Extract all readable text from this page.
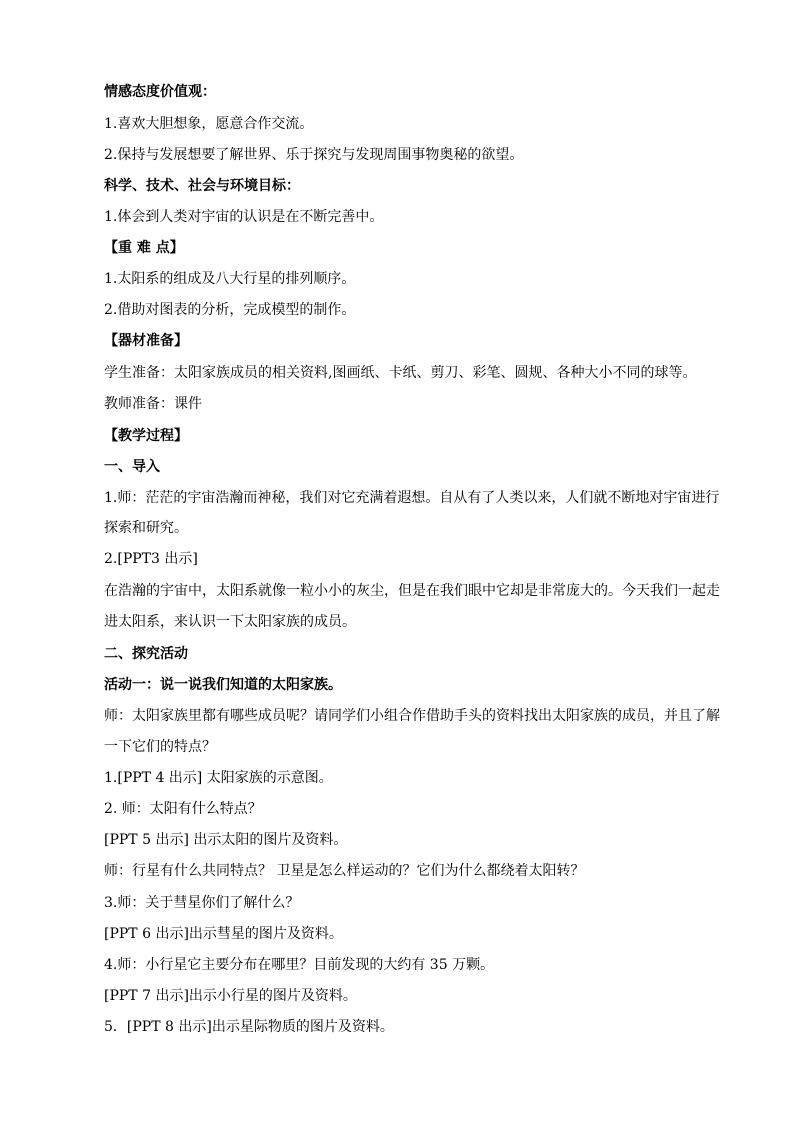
情感态度价值观：
1.喜欢大胆想象，愿意合作交流。
2.保持与发展想要了解世界、乐于探究与发现周围事物奥秘的欲望。
科学、技术、社会与环境目标：
1.体会到人类对宇宙的认识是在不断完善中。
【重 难 点】
1.太阳系的组成及八大行星的排列顺序。
2.借助对图表的分析，完成模型的制作。
【器材准备】
学生准备：太阳家族成员的相关资料,图画纸、卡纸、剪刀、彩笔、圆规、各种大小不同的球等。
教师准备：课件
【教学过程】
一、导入
1.师：茫茫的宇宙浩瀚而神秘，我们对它充满着遐想。自从有了人类以来，人们就不断地对宇宙进行
探索和研究。
2.[PPT3 出示]
在浩瀚的宇宙中，太阳系就像一粒小小的灰尘，但是在我们眼中它却是非常庞大的。今天我们一起走
进太阳系，来认识一下太阳家族的成员。
二、探究活动
活动一：说一说我们知道的太阳家族。
师：太阳家族里都有哪些成员呢？请同学们小组合作借助手头的资料找出太阳家族的成员，并且了解
一下它们的特点？
1.[PPT 4 出示] 太阳家族的示意图。
2. 师：太阳有什么特点？
[PPT 5 出示] 出示太阳的图片及资料。
师：行星有什么共同特点？ 卫星是怎么样运动的？它们为什么都绕着太阳转？
3.师：关于彗星你们了解什么？
[PPT 6 出示]出示彗星的图片及资料。
4.师：小行星它主要分布在哪里？目前发现的大约有 35 万颗。
[PPT 7 出示]出示小行星的图片及资料。
5．[PPT 8 出示]出示星际物质的图片及资料。
